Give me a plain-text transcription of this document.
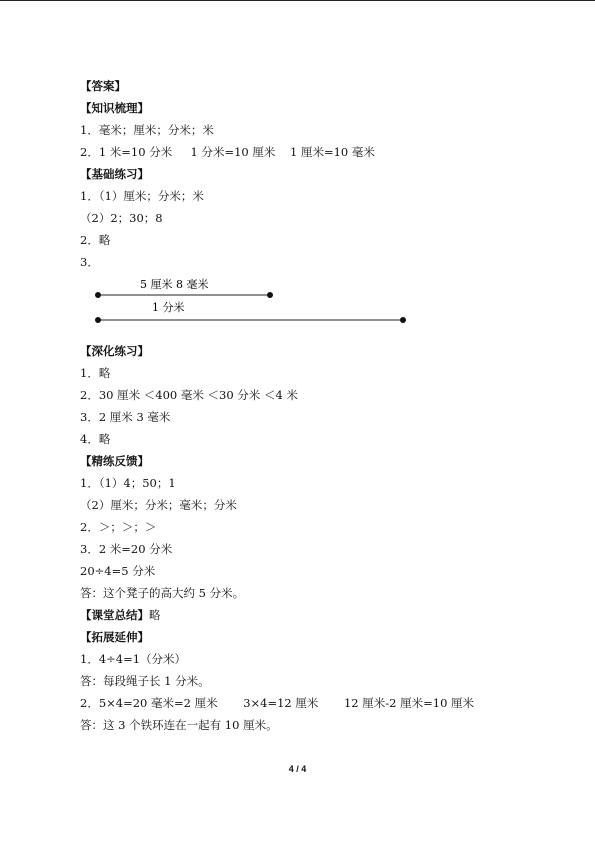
【答案】
【知识梳理】
1．毫米；厘米；分米；米
2．1 米=10 分米     1 分米=10 厘米    1 厘米=10 毫米
【基础练习】
1．（1）厘米；分米；米
（2）2；30；8
2．略
3．
5 厘米 8 毫米
1 分米
【深化练习】
1．略
2．30 厘米 ＜400 毫米 ＜30 分米 ＜4 米
3．2 厘米 3 毫米
4．略
【精练反馈】
1．（1）4；50；1
（2）厘米；分米；毫米；分米
2．＞；＞；＞
3．2 米=20 分米
20÷4=5 分米
答：这个凳子的高大约 5 分米。
【课堂总结】略
【拓展延伸】
1．4÷4=1（分米）
答：每段绳子长 1 分米。
2．5×4=20 毫米=2 厘米       3×4=12 厘米       12 厘米-2 厘米=10 厘米
答：这 3 个铁环连在一起有 10 厘米。
4 / 4
